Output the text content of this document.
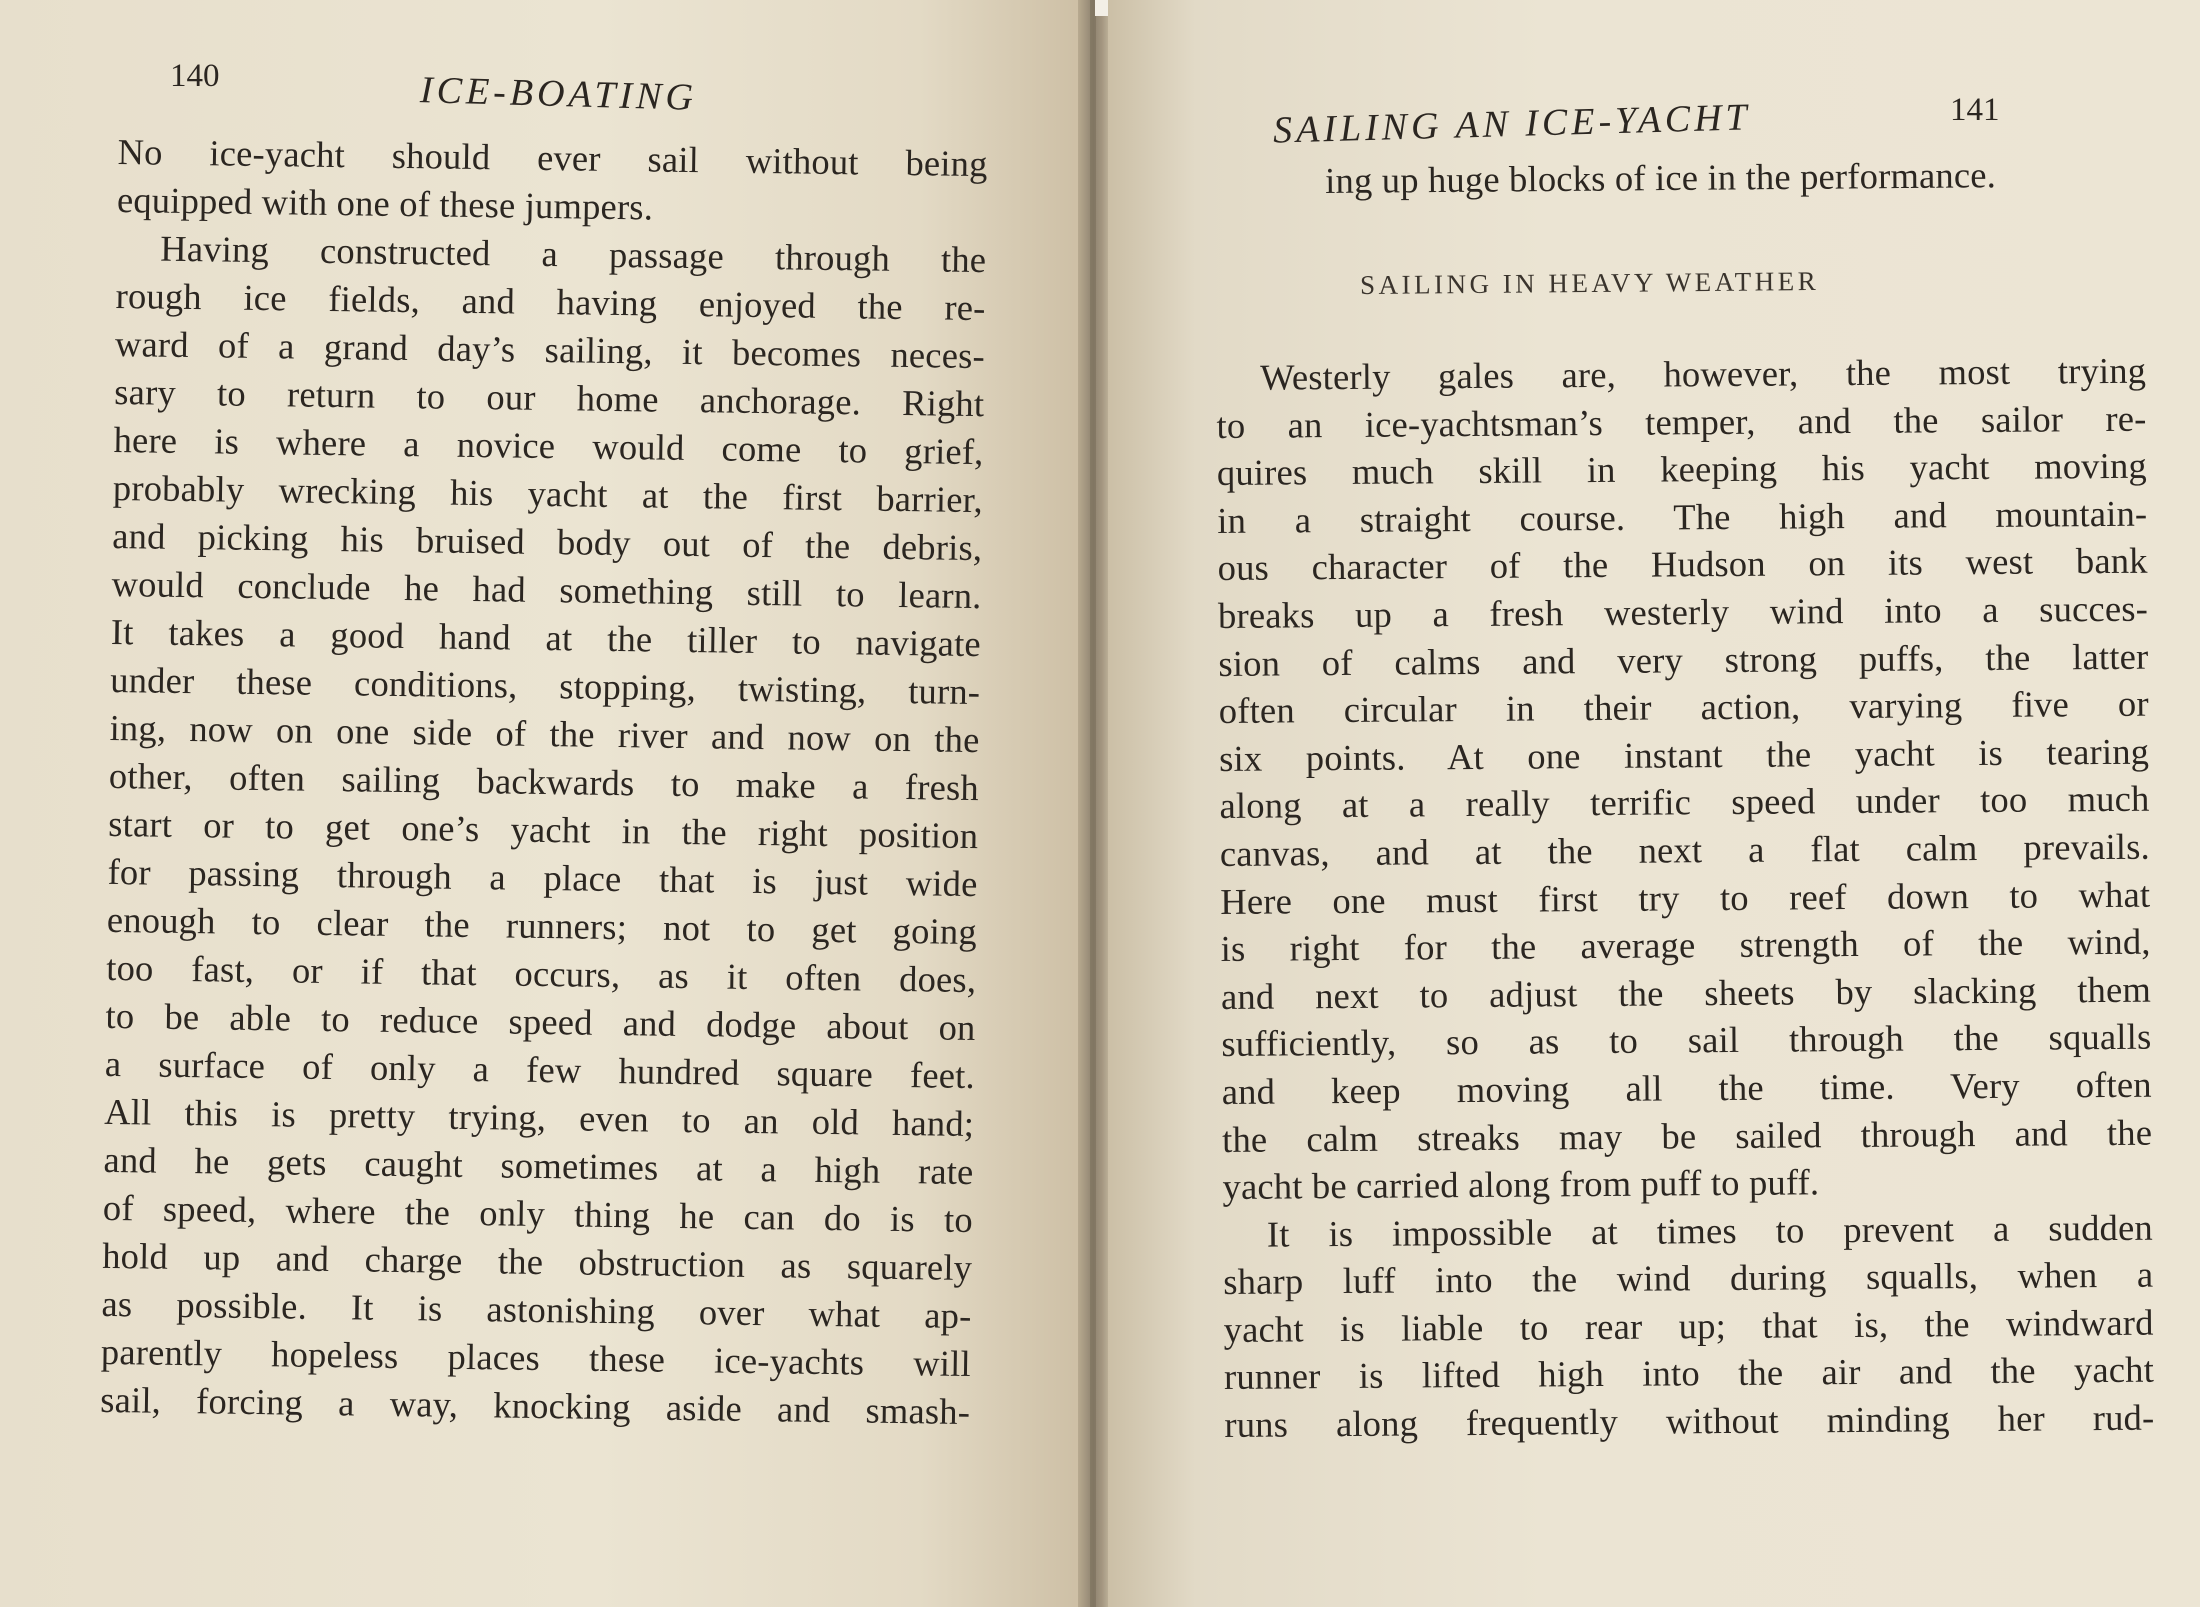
140	ICE-BOATING
No ice-yacht should ever sail without being
equipped with one of these jumpers.
Having constructed a passage through the
rough ice fields, and having enjoyed the re-
ward of a grand day’s sailing, it becomes neces-
sary to return to our home anchorage. Right
here is where a novice would come to grief,
probably wrecking his yacht at the first barrier,
and picking his bruised body out of the debris,
would conclude he had something still to learn.
It takes a good hand at the tiller to navigate
under these conditions, stopping, twisting, turn-
ing, now on one side of the river and now on the
other, often sailing backwards to make a fresh
start or to get one’s yacht in the right position
for passing through a place that is just wide
enough to clear the runners; not to get going
too fast, or if that occurs, as it often does,
to be able to reduce speed and dodge about on
a surface of only a few hundred square feet.
All this is pretty trying, even to an old hand;
and he gets caught sometimes at a high rate
of speed, where the only thing he can do is to
hold up and charge the obstruction as squarely
as possible. It is astonishing over what ap-
parently hopeless places these ice-yachts will
sail, forcing a way, knocking aside and smash-
SAILING AN ICE-YACHT	141
ing up huge blocks of ice in the performance.
SAILING IN HEAVY WEATHER
Westerly gales are, however, the most trying
to an ice-yachtsman’s temper, and the sailor re-
quires much skill in keeping his yacht moving
in a straight course. The high and mountain-
ous character of the Hudson on its west bank
breaks up a fresh westerly wind into a succes-
sion of calms and very strong puffs, the latter
often circular in their action, varying five or
six points. At one instant the yacht is tearing
along at a really terrific speed under too much
canvas, and at the next a flat calm prevails.
Here one must first try to reef down to what
is right for the average strength of the wind,
and next to adjust the sheets by slacking them
sufficiently, so as to sail through the squalls
and keep moving all the time. Very often
the calm streaks may be sailed through and the
yacht be carried along from puff to puff.
It is impossible at times to prevent a sudden
sharp luff into the wind during squalls, when a
yacht is liable to rear up; that is, the windward
runner is lifted high into the air and the yacht
runs along frequently without minding her rud-
